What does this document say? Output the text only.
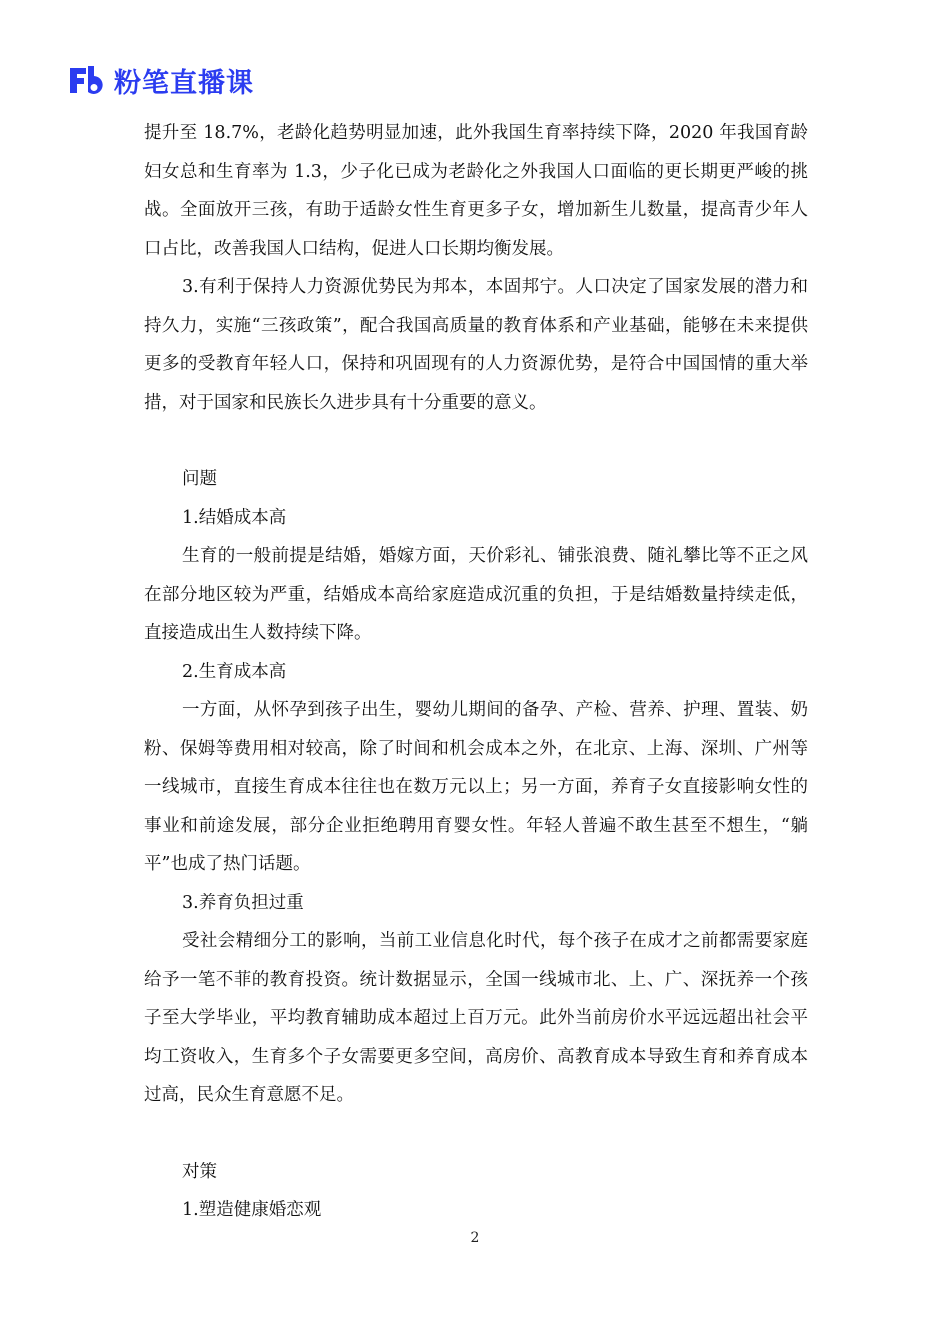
粉笔直播课

提升至 18.7%，老龄化趋势明显加速，此外我国生育率持续下降，2020 年我国育龄妇女总和生育率为 1.3，少子化已成为老龄化之外我国人口面临的更长期更严峻的挑战。全面放开三孩，有助于适龄女性生育更多子女，增加新生儿数量，提高青少年人口占比，改善我国人口结构，促进人口长期均衡发展。

3.有利于保持人力资源优势民为邦本，本固邦宁。人口决定了国家发展的潜力和持久力，实施“三孩政策”，配合我国高质量的教育体系和产业基础，能够在未来提供更多的受教育年轻人口，保持和巩固现有的人力资源优势，是符合中国国情的重大举措，对于国家和民族长久进步具有十分重要的意义。

问题

1.结婚成本高

生育的一般前提是结婚，婚嫁方面，天价彩礼、铺张浪费、随礼攀比等不正之风在部分地区较为严重，结婚成本高给家庭造成沉重的负担，于是结婚数量持续走低，直接造成出生人数持续下降。

2.生育成本高

一方面，从怀孕到孩子出生，婴幼儿期间的备孕、产检、营养、护理、置装、奶粉、保姆等费用相对较高，除了时间和机会成本之外，在北京、上海、深圳、广州等一线城市，直接生育成本往往也在数万元以上；另一方面，养育子女直接影响女性的事业和前途发展，部分企业拒绝聘用育婴女性。年轻人普遍不敢生甚至不想生，“躺平”也成了热门话题。

3.养育负担过重

受社会精细分工的影响，当前工业信息化时代，每个孩子在成才之前都需要家庭给予一笔不菲的教育投资。统计数据显示，全国一线城市北、上、广、深抚养一个孩子至大学毕业，平均教育辅助成本超过上百万元。此外当前房价水平远远超出社会平均工资收入，生育多个子女需要更多空间，高房价、高教育成本导致生育和养育成本过高，民众生育意愿不足。

对策

1.塑造健康婚恋观

2
